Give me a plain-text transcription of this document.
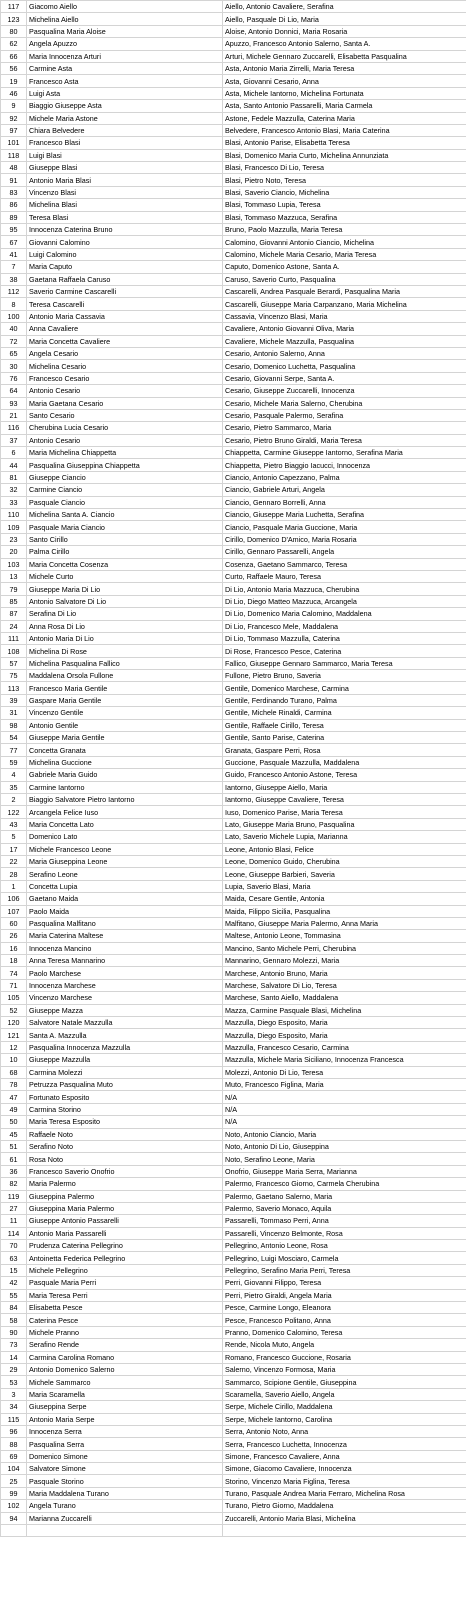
117	Giacomo Aiello	Aiello, Antonio Cavaliere, Serafina
123	Michelina Aiello	Aiello, Pasquale Di Lio, Maria
80	Pasqualina Maria Aloise	Aloise, Antonio Donnici, Maria Rosaria
62	Angela Apuzzo	Apuzzo, Francesco Antonio Salerno, Santa A.
66	Maria Innocenza Arturi	Arturi, Michele Gennaro Zuccarelli, Elisabetta Pasqualina
56	Carmine Asta	Asta, Antonio Maria Zirrelli, Maria Teresa
19	Francesco Asta	Asta, Giovanni Cesario, Anna
46	Luigi Asta	Asta, Michele Iantorno, Michelina Fortunata
9	Biaggio Giuseppe Asta	Asta, Santo Antonio Passarelli, Maria Carmela
92	Michele Maria Astone	Astone, Fedele Mazzulla, Caterina Maria
97	Chiara Belvedere	Belvedere, Francesco Antonio Blasi, Maria Caterina
101	Francesco Blasi	Blasi, Antonio Parise, Elisabetta Teresa
118	Luigi Blasi	Blasi, Domenico Maria Curto, Michelina Annunziata
48	Giuseppe Blasi	Blasi, Francesco Di Lio, Teresa
91	Antonio Maria Blasi	Blasi, Pietro Noto, Teresa
83	Vincenzo Blasi	Blasi, Saverio Ciancio, Michelina
86	Michelina Blasi	Blasi, Tommaso Lupia, Teresa
89	Teresa Blasi	Blasi, Tommaso Mazzuca, Serafina
95	Innocenza Caterina Bruno	Bruno, Paolo Mazzulla, Maria Teresa
67	Giovanni Calomino	Calomino, Giovanni Antonio Ciancio, Michelina
41	Luigi Calomino	Calomino, Michele Maria Cesario, Maria Teresa
7	Maria Caputo	Caputo, Domenico Astone, Santa A.
38	Gaetana Raffaela Caruso	Caruso, Saverio Curto, Pasqualina
112	Saverio Carmine Cascarelli	Cascarelli, Andrea Pasquale Berardi, Pasqualina Maria
8	Teresa Cascarelli	Cascarelli, Giuseppe Maria Carpanzano, Maria Michelina
100	Antonio Maria Cassavia	Cassavia, Vincenzo Blasi, Maria
40	Anna Cavaliere	Cavaliere, Antonio Giovanni Oliva, Maria
72	Maria Concetta Cavaliere	Cavaliere, Michele Mazzulla, Pasqualina
65	Angela Cesario	Cesario, Antonio Salerno, Anna
30	Michelina Cesario	Cesario, Domenico Luchetta, Pasqualina
76	Francesco Cesario	Cesario, Giovanni Serpe, Santa A.
64	Antonio Cesario	Cesario, Giuseppe Zuccarelli, Innocenza
93	Maria Gaetana Cesario	Cesario, Michele Maria Salerno, Cherubina
21	Santo Cesario	Cesario, Pasquale Palermo, Serafina
116	Cherubina Lucia Cesario	Cesario, Pietro Sammarco, Maria
37	Antonio Cesario	Cesario, Pietro Bruno Giraldi, Maria Teresa
6	Maria Michelina Chiappetta	Chiappetta, Carmine Giuseppe Iantorno, Serafina Maria
44	Pasqualina Giuseppina Chiappetta	Chiappetta, Pietro Biaggio Iacucci, Innocenza
81	Giuseppe Ciancio	Ciancio, Antonio Capezzano, Palma
32	Carmine Ciancio	Ciancio, Gabriele Arturi, Angela
33	Pasquale Ciancio	Ciancio, Gennaro Borrelli, Anna
110	Michelina Santa A. Ciancio	Ciancio, Giuseppe Maria Luchetta, Serafina
109	Pasquale Maria Ciancio	Ciancio, Pasquale Maria Guccione, Maria
23	Santo Cirillo	Cirillo, Domenico D'Amico, Maria Rosaria
20	Palma Cirillo	Cirillo, Gennaro Passarelli, Angela
103	Maria Concetta Cosenza	Cosenza, Gaetano Sammarco, Teresa
13	Michele Curto	Curto, Raffaele Mauro, Teresa
79	Giuseppe Maria Di Lio	Di Lio, Antonio Maria Mazzuca, Cherubina
85	Antonio Salvatore Di Lio	Di Lio, Diego Matteo Mazzuca, Arcangela
87	Serafina Di Lio	Di Lio, Domenico Maria Calomino, Maddalena
24	Anna Rosa Di Lio	Di Lio, Francesco Mele, Maddalena
111	Antonio Maria Di Lio	Di Lio, Tommaso Mazzulla, Caterina
108	Michelina Di Rose	Di Rose, Francesco Pesce, Caterina
57	Michelina Pasqualina Fallico	Fallico, Giuseppe Gennaro Sammarco, Maria Teresa
75	Maddalena Orsola Fullone	Fullone, Pietro Bruno, Saveria
113	Francesco Maria Gentile	Gentile, Domenico Marchese, Carmina
39	Gaspare Maria Gentile	Gentile, Ferdinando Turano, Palma
31	Vincenzo Gentile	Gentile, Michele Rinaldi, Carmina
98	Antonio Gentile	Gentile, Raffaele Cirillo, Teresa
54	Giuseppe Maria Gentile	Gentile, Santo Parise, Caterina
77	Concetta Granata	Granata, Gaspare Perri, Rosa
59	Michelina Guccione	Guccione, Pasquale Mazzulla, Maddalena
4	Gabriele Maria Guido	Guido, Francesco Antonio Astone, Teresa
35	Carmine Iantorno	Iantorno, Giuseppe Aiello, Maria
2	Biaggio Salvatore Pietro Iantorno	Iantorno, Giuseppe Cavaliere, Teresa
122	Arcangela Felice Iuso	Iuso, Domenico Parise, Maria Teresa
43	Maria Concetta Lato	Lato, Giuseppe Maria Bruno, Pasqualina
5	Domenico Lato	Lato, Saverio Michele Lupia, Marianna
17	Michele Francesco Leone	Leone, Antonio Blasi, Felice
22	Maria Giuseppina Leone	Leone, Domenico Guido, Cherubina
28	Serafino Leone	Leone, Giuseppe Barbieri, Saveria
1	Concetta Lupia	Lupia, Saverio Blasi, Maria
106	Gaetano Maida	Maida, Cesare Gentile, Antonia
107	Paolo Maida	Maida, Filippo Sicilia, Pasqualina
60	Pasqualina Malfitano	Malfitano, Giuseppe Maria Palermo, Anna Maria
26	Maria Caterina Maltese	Maltese, Antonio Leone, Tommasina
16	Innocenza Mancino	Mancino, Santo Michele Perri, Cherubina
18	Anna Teresa Mannarino	Mannarino, Gennaro Molezzi, Maria
74	Paolo Marchese	Marchese, Antonio Bruno, Maria
71	Innocenza Marchese	Marchese, Salvatore Di Lio, Teresa
105	Vincenzo Marchese	Marchese, Santo Aiello, Maddalena
52	Giuseppe Mazza	Mazza, Carmine Pasquale Blasi, Michelina
120	Salvatore Natale Mazzulla	Mazzulla, Diego Esposito, Maria
121	Santa A. Mazzulla	Mazzulla, Diego Esposito, Maria
12	Pasqualina Innocenza Mazzulla	Mazzulla, Francesco Cesario, Carmina
10	Giuseppe Mazzulla	Mazzulla, Michele Maria Siciliano, Innocenza Francesca
68	Carmina Molezzi	Molezzi, Antonio Di Lio, Teresa
78	Petruzza Pasqualina Muto	Muto, Francesco Figlina, Maria
47	Fortunato Esposito	N/A
49	Carmina Storino	N/A
50	Maria Teresa Esposito	N/A
45	Raffaele Noto	Noto, Antonio Ciancio, Maria
51	Serafino Noto	Noto, Antonio Di Lio, Giuseppina
61	Rosa Noto	Noto, Serafino Leone, Maria
36	Francesco Saverio Onofrio	Onofrio, Giuseppe Maria Serra, Marianna
82	Maria Palermo	Palermo, Francesco Giorno, Carmela Cherubina
119	Giuseppina Palermo	Palermo, Gaetano Salerno, Maria
27	Giuseppina Maria Palermo	Palermo, Saverio Monaco, Aquila
11	Giuseppe Antonio Passarelli	Passarelli, Tommaso Perri, Anna
114	Antonio Maria Passarelli	Passarelli, Vincenzo Belmonte, Rosa
70	Prudenza Caterina Pellegrino	Pellegrino, Antonio Leone, Rosa
63	Antoinetta Federica Pellegrino	Pellegrino, Luigi Mosciaro, Carmela
15	Michele Pellegrino	Pellegrino, Serafino Maria Perri, Teresa
42	Pasquale Maria Perri	Perri, Giovanni Filippo, Teresa
55	Maria Teresa Perri	Perri, Pietro Giraldi, Angela Maria
84	Elisabetta Pesce	Pesce, Carmine Longo, Eleanora
58	Caterina Pesce	Pesce, Francesco Politano, Anna
90	Michele Pranno	Pranno, Domenico Calomino, Teresa
73	Serafino Rende	Rende, Nicola Muto, Angela
14	Carmina Carolina Romano	Romano, Francesco Guccione, Rosaria
29	Antonio Domenico Salerno	Salerno, Vincenzo Formosa, Maria
53	Michele Sammarco	Sammarco, Scipione Gentile, Giuseppina
3	Maria Scaramella	Scaramella, Saverio Aiello, Angela
34	Giuseppina Serpe	Serpe, Michele Cirillo, Maddalena
115	Antonio Maria Serpe	Serpe, Michele Iantorno, Carolina
96	Innocenza Serra	Serra, Antonio Noto, Anna
88	Pasqualina Serra	Serra, Francesco Luchetta, Innocenza
69	Domenico Simone	Simone, Francesco Cavaliere, Anna
104	Salvatore Simone	Simone, Giacomo Cavaliere, Innocenza
25	Pasquale Storino	Storino, Vincenzo Maria Figlina, Teresa
99	Maria Maddalena Turano	Turano, Pasquale Andrea Maria Ferraro, Michelina Rosa
102	Angela Turano	Turano, Pietro Giorno, Maddalena
94	Marianna Zuccarelli	Zuccarelli, Antonio Maria Blasi, Michelina
